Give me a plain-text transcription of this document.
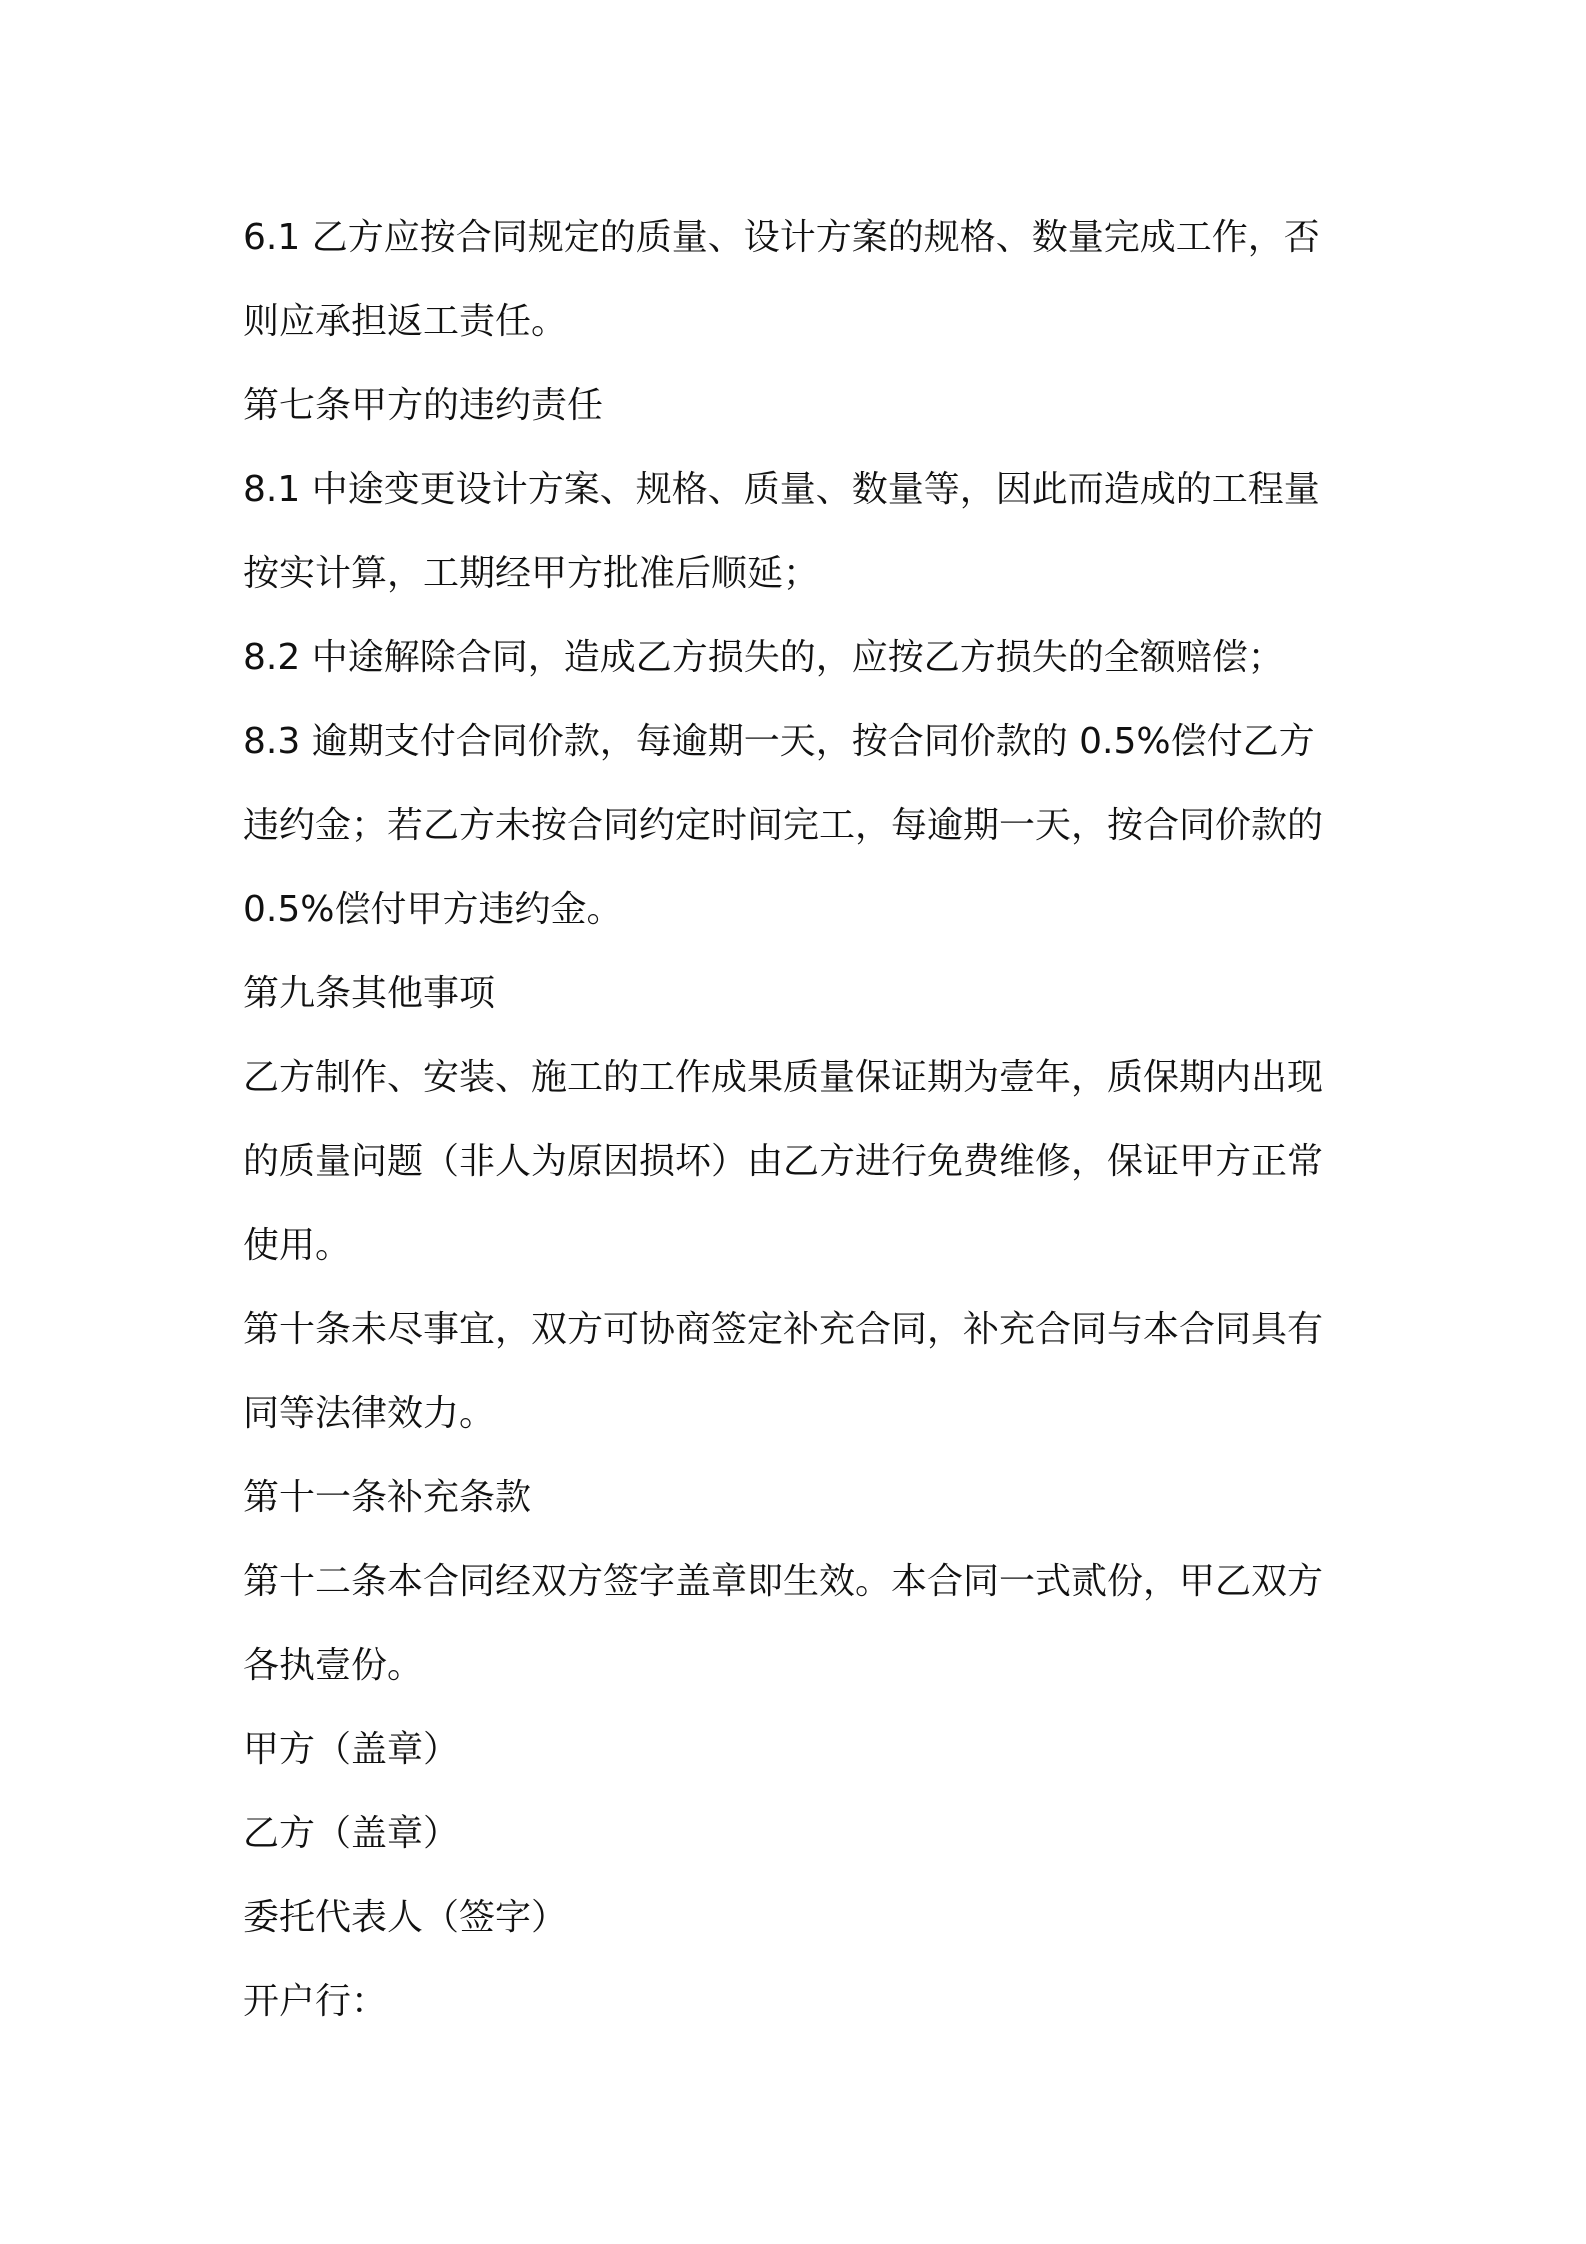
6.1 乙方应按合同规定的质量、设计方案的规格、数量完成工作，否
则应承担返工责任。
第七条甲方的违约责任
8.1 中途变更设计方案、规格、质量、数量等，因此而造成的工程量
按实计算，工期经甲方批准后顺延；
8.2 中途解除合同，造成乙方损失的，应按乙方损失的全额赔偿；
8.3 逾期支付合同价款，每逾期一天，按合同价款的 0.5%偿付乙方
违约金；若乙方未按合同约定时间完工，每逾期一天，按合同价款的
0.5%偿付甲方违约金。
第九条其他事项
乙方制作、安装、施工的工作成果质量保证期为壹年，质保期内出现
的质量问题（非人为原因损坏）由乙方进行免费维修，保证甲方正常
使用。
第十条未尽事宜，双方可协商签定补充合同，补充合同与本合同具有
同等法律效力。
第十一条补充条款
第十二条本合同经双方签字盖章即生效。本合同一式贰份，甲乙双方
各执壹份。
甲方（盖章）
乙方（盖章）
委托代表人（签字）
开户行：
